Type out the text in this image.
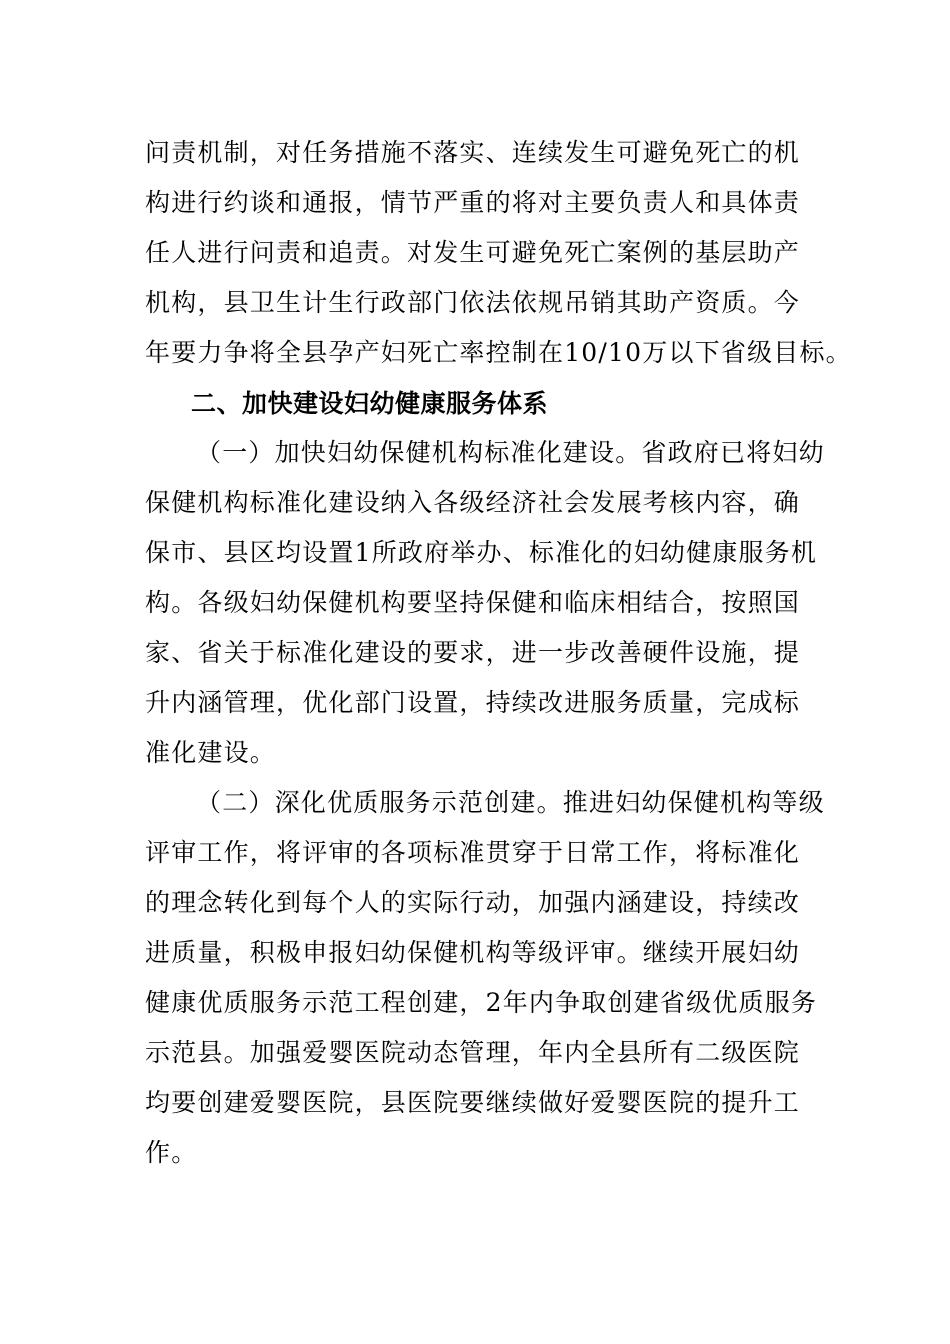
问责机制，对任务措施不落实、连续发生可避免死亡的机
构进行约谈和通报，情节严重的将对主要负责人和具体责
任人进行问责和追责。对发生可避免死亡案例的基层助产
机构，县卫生计生行政部门依法依规吊销其助产资质。今
年要力争将全县孕产妇死亡率控制在10/10万以下省级目标。
二、加快建设妇幼健康服务体系
（一）加快妇幼保健机构标准化建设。省政府已将妇幼
保健机构标准化建设纳入各级经济社会发展考核内容，确
保市、县区均设置1所政府举办、标准化的妇幼健康服务机
构。各级妇幼保健机构要坚持保健和临床相结合，按照国
家、省关于标准化建设的要求，进一步改善硬件设施，提
升内涵管理，优化部门设置，持续改进服务质量，完成标
准化建设。
（二）深化优质服务示范创建。推进妇幼保健机构等级
评审工作，将评审的各项标准贯穿于日常工作，将标准化
的理念转化到每个人的实际行动，加强内涵建设，持续改
进质量，积极申报妇幼保健机构等级评审。继续开展妇幼
健康优质服务示范工程创建，2年内争取创建省级优质服务
示范县。加强爱婴医院动态管理，年内全县所有二级医院
均要创建爱婴医院，县医院要继续做好爱婴医院的提升工
作。
